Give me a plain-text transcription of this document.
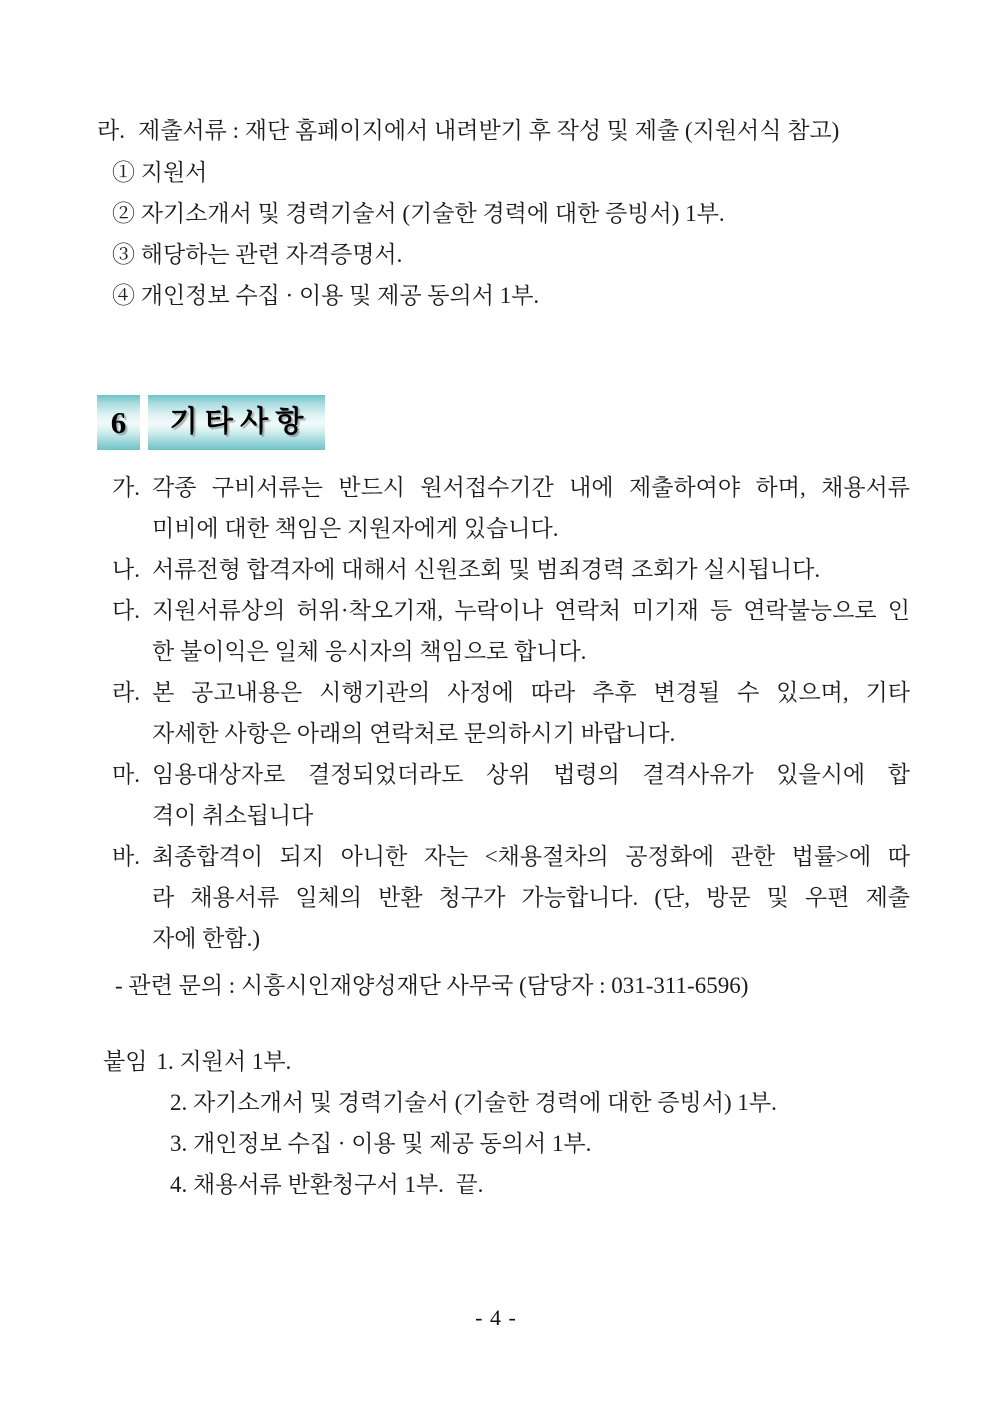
라. 제출서류 : 재단 홈페이지에서 내려받기 후 작성 및 제출 (지원서식 참고)
① 지원서
② 자기소개서 및 경력기술서 (기술한 경력에 대한 증빙서) 1부.
③ 해당하는 관련 자격증명서.
④ 개인정보 수집 · 이용 및 제공 동의서 1부.
6	기 타 사 항
가. 각종 구비서류는 반드시 원서접수기간 내에 제출하여야 하며, 채용서류
미비에 대한 책임은 지원자에게 있습니다.
나. 서류전형 합격자에 대해서 신원조회 및 범죄경력 조회가 실시됩니다.
다. 지원서류상의 허위·착오기재, 누락이나 연락처 미기재 등 연락불능으로 인
한 불이익은 일체 응시자의 책임으로 합니다.
라. 본 공고내용은 시행기관의 사정에 따라 추후 변경될 수 있으며, 기타
자세한 사항은 아래의 연락처로 문의하시기 바랍니다.
마. 임용대상자로 결정되었더라도 상위 법령의 결격사유가 있을시에 합
격이 취소됩니다
바. 최종합격이 되지 아니한 자는 <채용절차의 공정화에 관한 법률>에 따
라 채용서류 일체의 반환 청구가 가능합니다. (단, 방문 및 우편 제출
자에 한함.)
- 관련 문의 : 시흥시인재양성재단 사무국 (담당자 : 031-311-6596)
붙임 1. 지원서 1부.
2. 자기소개서 및 경력기술서 (기술한 경력에 대한 증빙서) 1부.
3. 개인정보 수집 · 이용 및 제공 동의서 1부.
4. 채용서류 반환청구서 1부.  끝.
- 4 -
